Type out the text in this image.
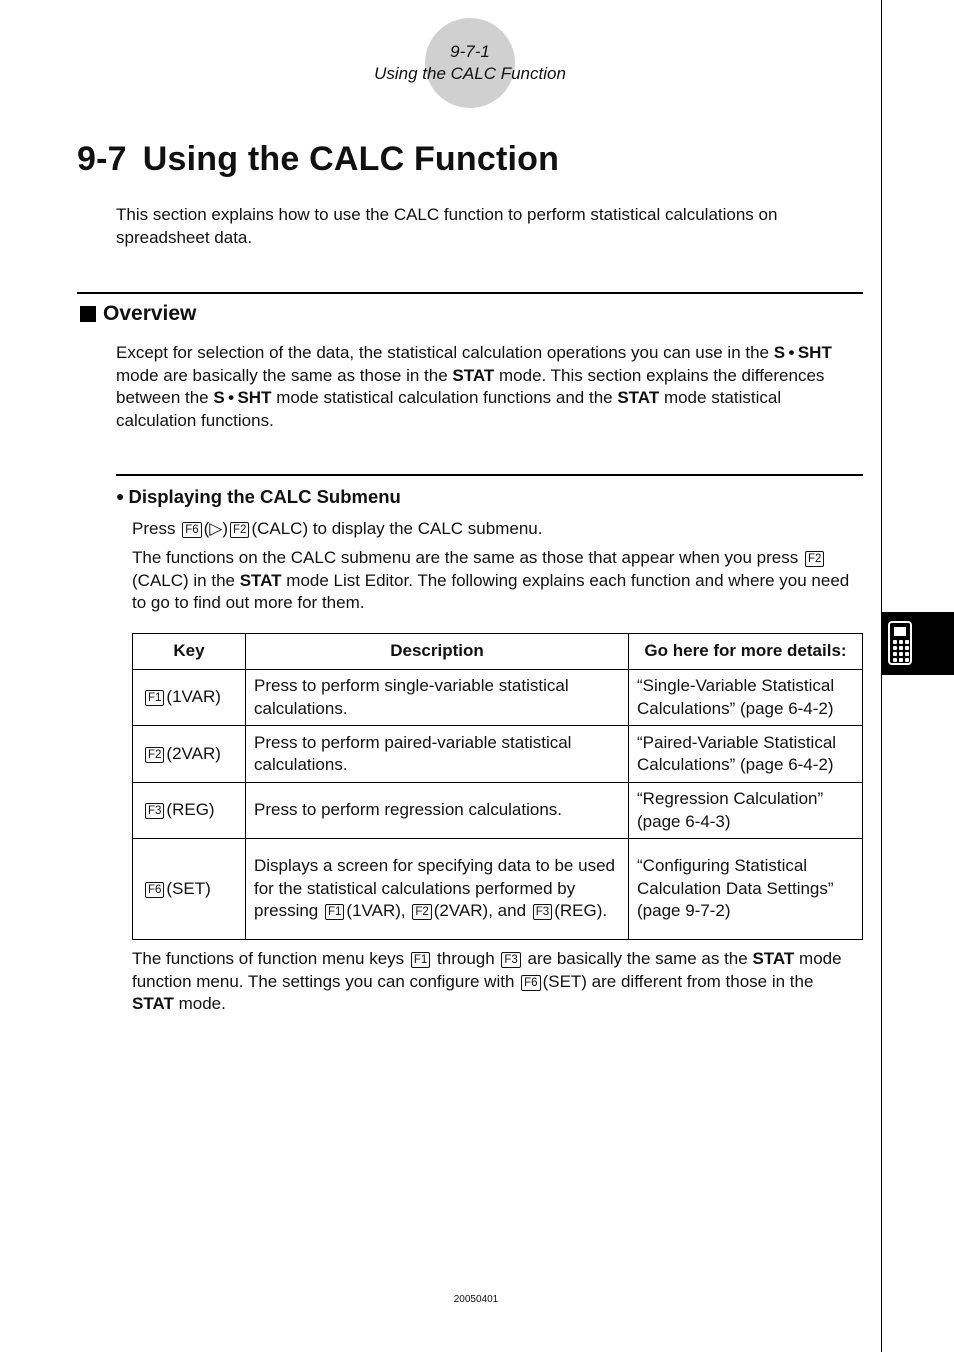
9-7-1
Using the CALC Function
9-7 Using the CALC Function

This section explains how to use the CALC function to perform statistical calculations on spreadsheet data.

Overview

Except for selection of the data, the statistical calculation operations you can use in the S • SHT mode are basically the same as those in the STAT mode. This section explains the differences between the S • SHT mode statistical calculation functions and the STAT mode statistical calculation functions.

● Displaying the CALC Submenu

Press F6 (▷) F2 (CALC) to display the CALC submenu.

The functions on the CALC submenu are the same as those that appear when you press F2(CALC) in the STAT mode List Editor. The following explains each function and where you need to go to find out more for them.

Key	Description	Go here for more details:
F1 (1VAR)	Press to perform single-variable statistical calculations.	“Single-Variable Statistical Calculations” (page 6-4-2)
F2 (2VAR)	Press to perform paired-variable statistical calculations.	“Paired-Variable Statistical Calculations” (page 6-4-2)
F3 (REG)	Press to perform regression calculations.	“Regression Calculation” (page 6-4-3)
F6 (SET)	Displays a screen for specifying data to be used for the statistical calculations performed by pressing F1 (1VAR), F2 (2VAR), and F3 (REG).	“Configuring Statistical Calculation Data Settings” (page 9-7-2)

The functions of function menu keys F1 through F3 are basically the same as the STAT mode function menu. The settings you can configure with F6 (SET) are different from those in the STAT mode.

20050401
